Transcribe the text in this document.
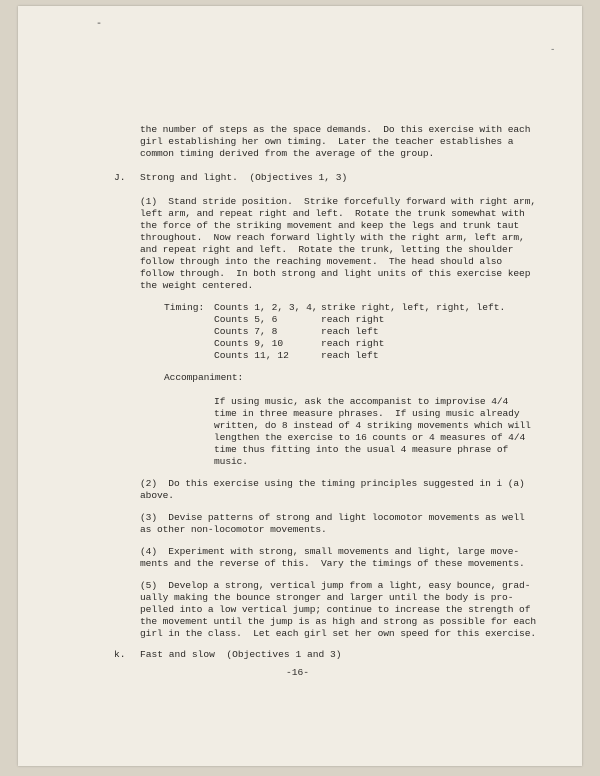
-
-
the number of steps as the space demands.  Do this exercise with each
girl establishing her own timing.  Later the teacher establishes a
common timing derived from the average of the group.
J. Strong and light.  (Objectives 1, 3)
(1)  Stand stride position.  Strike forcefully forward with right arm,
left arm, and repeat right and left.  Rotate the trunk somewhat with
the force of the striking movement and keep the legs and trunk taut
throughout.  Now reach forward lightly with the right arm, left arm,
and repeat right and left.  Rotate the trunk, letting the shoulder
follow through into the reaching movement.  The head should also
follow through.  In both strong and light units of this exercise keep
the weight centered.
Timing: Counts 1, 2, 3, 4, strike right, left, right, left.
Counts 5, 6	reach right
Counts 7, 8	reach left
Counts 9, 10	reach right
Counts 11, 12	reach left
Accompaniment:
If using music, ask the accompanist to improvise 4/4
time in three measure phrases.  If using music already
written, do 8 instead of 4 striking movements which will
lengthen the exercise to 16 counts or 4 measures of 4/4
time thus fitting into the usual 4 measure phrase of
music.
(2)  Do this exercise using the timing principles suggested in i (a)
above.
(3)  Devise patterns of strong and light locomotor movements as well
as other non-locomotor movements.
(4)  Experiment with strong, small movements and light, large move-
ments and the reverse of this.  Vary the timings of these movements.
(5)  Develop a strong, vertical jump from a light, easy bounce, grad-
ually making the bounce stronger and larger until the body is pro-
pelled into a low vertical jump; continue to increase the strength of
the movement until the jump is as high and strong as possible for each
girl in the class.  Let each girl set her own speed for this exercise.
k. Fast and slow  (Objectives 1 and 3)
-16-
